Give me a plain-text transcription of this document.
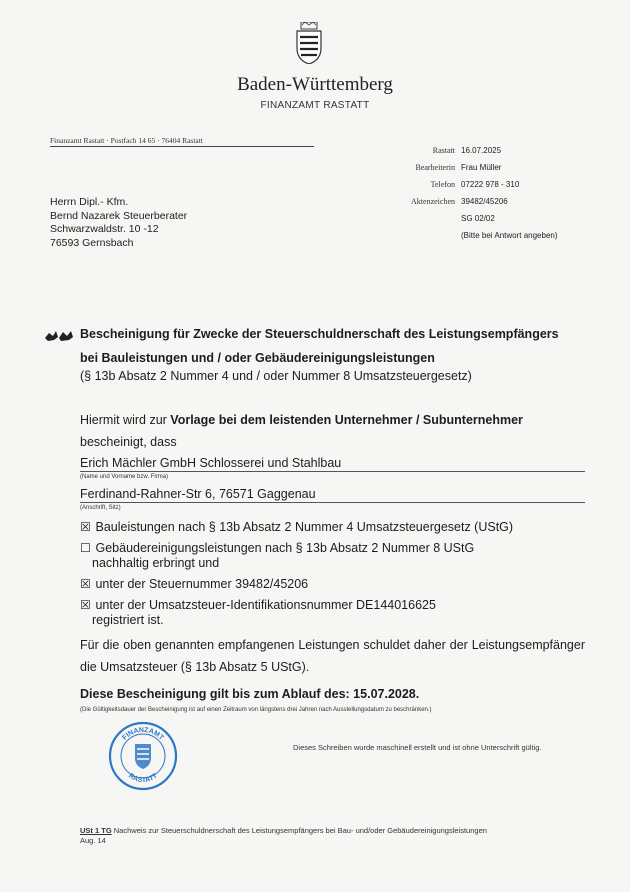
Baden-Württemberg
FINANZAMT RASTATT
Finanzamt Rastatt · Postfach 14 65 · 76404 Rastatt
Rastatt	16.07.2025
Bearbeiterin	Frau Müller
Telefon	07222 978 - 310
Aktenzeichen	39482/45206
	SG 02/02
	(Bitte bei Antwort angeben)
Herrn Dipl.- Kfm.
Bernd Nazarek Steuerberater
Schwarzwaldstr. 10 -12
76593 Gernsbach
Bescheinigung für Zwecke der Steuerschuldnerschaft des Leistungsempfängers
bei Bauleistungen und / oder Gebäudereinigungsleistungen
(§ 13b Absatz 2 Nummer 4 und / oder Nummer 8 Umsatzsteuergesetz)
Hiermit wird zur Vorlage bei dem leistenden Unternehmer / Subunternehmer
bescheinigt, dass
Erich Mächler GmbH Schlosserei und Stahlbau
(Name und Vorname bzw. Firma)
Ferdinand-Rahner-Str 6, 76571 Gaggenau
(Anschrift, Sitz)
☒ Bauleistungen nach § 13b Absatz 2 Nummer 4 Umsatzsteuergesetz (UStG)
☐ Gebäudereinigungsleistungen nach § 13b Absatz 2 Nummer 8 UStG
nachhaltig erbringt und
☒ unter der Steuernummer 39482/45206
☒ unter der Umsatzsteuer-Identifikationsnummer DE144016625
registriert ist.
Für die oben genannten empfangenen Leistungen schuldet daher der Leistungsempfänger die Umsatzsteuer (§ 13b Absatz 5 UStG).
Diese Bescheinigung gilt bis zum Ablauf des: 15.07.2028.
(Die Gültigkeitsdauer der Bescheinigung ist auf einen Zeitraum von längstens drei Jahren nach Ausstellungsdatum zu beschränken.)
FINANZAMT
RASTATT
Dieses Schreiben wurde maschinell erstellt und ist ohne Unterschrift gültig.
USt 1 TG Nachweis zur Steuerschuldnerschaft des Leistungsempfängers bei Bau- und/oder Gebäudereinigungsleistungen
Aug. 14
